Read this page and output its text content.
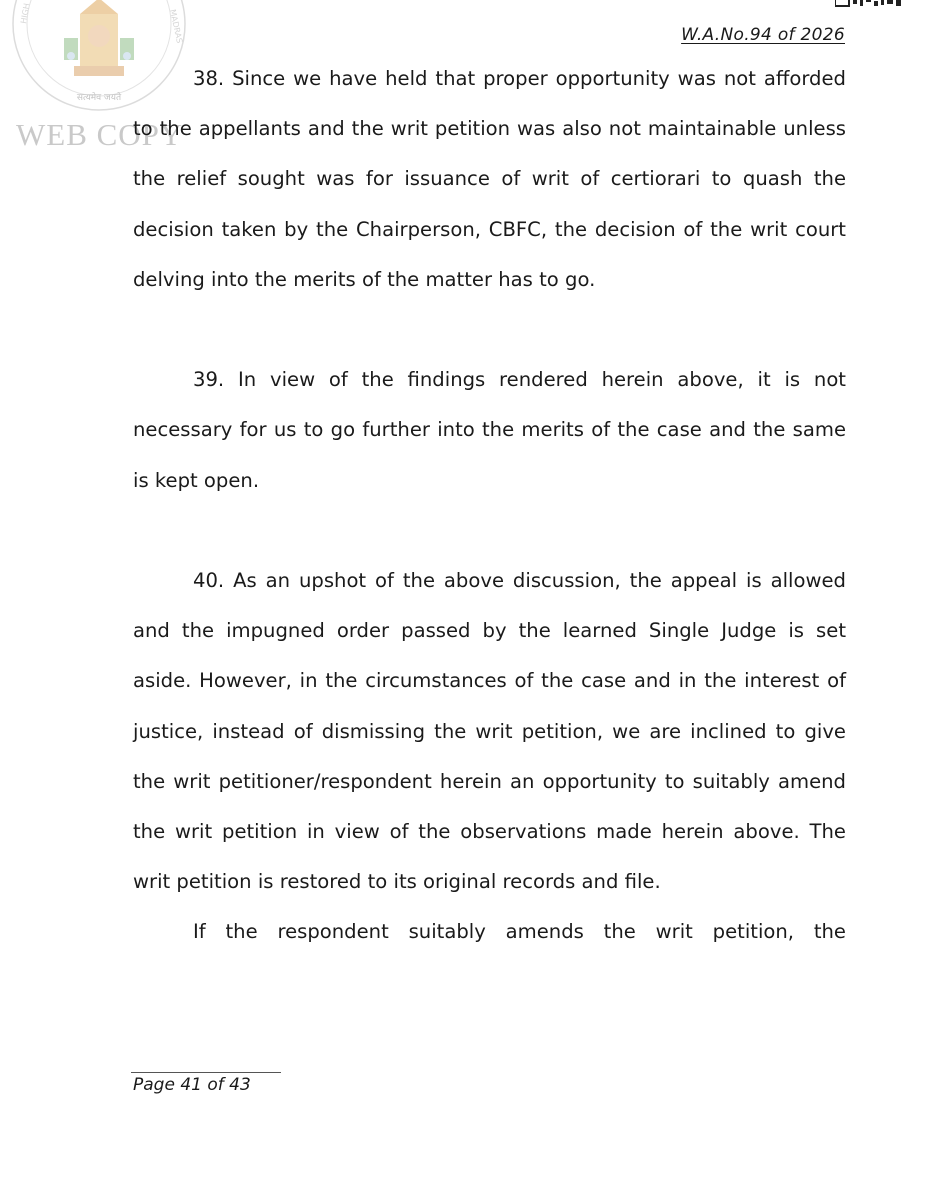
HIGH	MADRAS
सत्यमेव जयते
WEB COPY
W.A.No.94 of 2026

38. Since we have held that proper opportunity was not afforded to the appellants and the writ petition was also not maintainable unless the relief sought was for issuance of writ of certiorari to quash the decision taken by the Chairperson, CBFC, the decision of the writ court delving into the merits of the matter has to go.

39. In view of the findings rendered herein above, it is not necessary for us to go further into the merits of the case and the same is kept open.

40. As an upshot of the above discussion, the appeal is allowed and the impugned order passed by the learned Single Judge is set aside. However, in the circumstances of the case and in the interest of justice, instead of dismissing the writ petition, we are inclined to give the writ petitioner/respondent herein an opportunity to suitably amend the writ petition in view of the observations made herein above. The writ petition is restored to its original records and file.

If the respondent suitably amends the writ petition, the

Page 41 of 43
